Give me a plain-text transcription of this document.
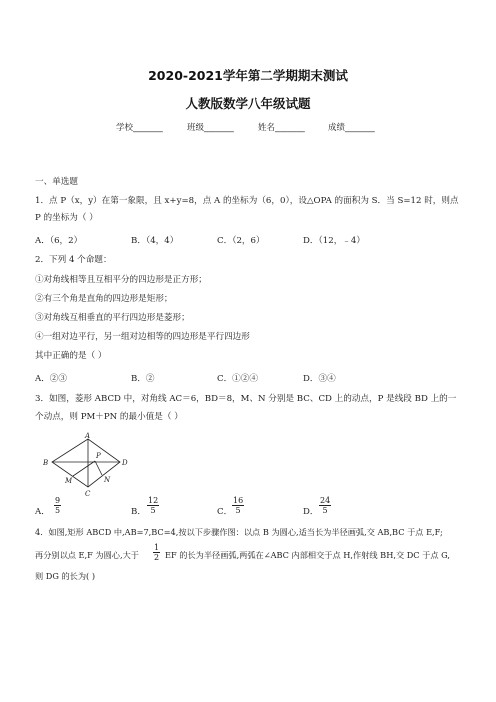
2020-2021学年第二学期期末测试
人教版数学八年级试题
学校_______	班级_______	姓名_______	成绩_______
一、单选题
1．点 P（x，y）在第一象限，且 x+y=8，点 A 的坐标为（6，0），设△OPA 的面积为 S．当 S=12 时，则点
P 的坐标为（ ）
A．（6，2）	B．（4，4）	C．（2，6）	D．（12，﹣4）
2．下列 4 个命题：
①对角线相等且互相平分的四边形是正方形；
②有三个角是直角的四边形是矩形；
③对角线互相垂直的平行四边形是菱形；
④一组对边平行，另一组对边相等的四边形是平行四边形
其中正确的是（ ）
A．②③	B．②	C．①②④	D．③④
3．如图，菱形 ABCD 中，对角线 AC＝6，BD＝8，M、N 分别是 BC、CD 上的动点，P 是线段 BD 上的一
个动点，则 PM＋PN 的最小值是（ ）
A
B
C
D
P
M	N
A． $\frac{9}{5}$	B． $\frac{12}{5}$	C． $\frac{16}{5}$	D． $\frac{24}{5}$
4．如图,矩形 ABCD 中,AB=7,BC=4,按以下步骤作图：以点 B 为圆心,适当长为半径画弧,交 AB,BC 于点 E,F;
再分别以点 E,F 为圆心,大于 $\frac{1}{2}$ EF 的长为半径画弧,两弧在∠ABC 内部相交于点 H,作射线 BH,交 DC 于点 G,
则 DG 的长为( )
